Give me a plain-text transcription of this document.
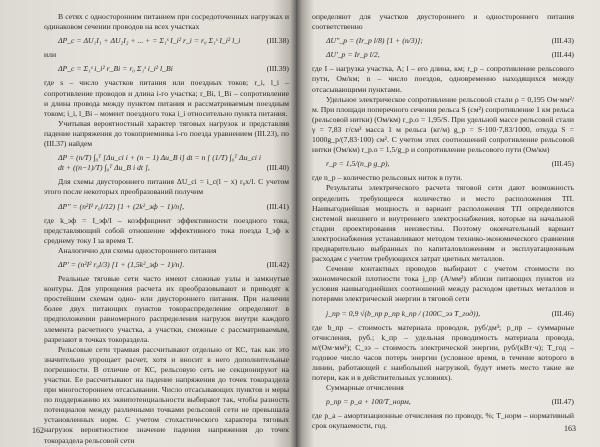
В сетях с односторонним питанием при сосредоточенных нагрузках и одинаковом сечении проводов на всех участках

ΔP_c = ΔU₁I₁ + ΔU₂I₂ + ... + = Σ₁ˢ I_i² r_i = r₀ Σ₁ˢ I_i² l_i	(III.38)

или

ΔP_c = Σ₁ˢ i_i² r_Bi = r₀ Σ₁ˢ i_i² l_Bi	(III.39)

где s – число участков питания или поездных токов; r_i, l_i – сопротивление проводов и длина i-го участка; r_Bi, l_Bi – сопротивление и длина провода между пунктом питания и рассматриваемым поездным током; i_i, l_Bi – момент поездного тока i_i относительно пункта питания.

Учитывая вероятностный характер тяговых нагрузок и представляя падение напряжения до токоприемника i-го поезда уравнением (III.23), по (III.37) найдем

ΔP = (n/T) ∫₀ᵀ [Δu_ci i + (n − 1) Δu_B i] dt = n [ (1/T) ∫₀ᵀ Δu_ci i dt + ((n−1)/T) ∫₀ᵀ Δu_B i dt ],	(III.40)

Для схемы двустороннего питания ΔU_ci = i_c(l − x) r₀x/l. С учетом этого после некоторых преобразований получим

ΔP'' = (n²I² r₀l/12) [1 + (2k²_эф − 1)/n],	(III.41)

где k_эф = I_эф/I – коэффициент эффективности поездного тока, представляющий собой отношение эффективного тока поезда I_эф к среднему току I за время T.

Аналогично для схемы одностороннего питания

ΔP' = (n²I² r₀l/3) [1 + (1,5k²_эф − 1)/n].	(III.42)

Реальные тяговые сети часто имеют сложные узлы и замкнутые контуры. Для упрощения расчета их преобразовывают и приводят к простейшим схемам одно- или двустороннего питания. При наличии более двух питающих пунктов токораспределение определяют в предположении равномерного распределения нагрузок внутри каждого элемента расчетного участка, а участки, смежные с рассматриваемым, разрезают в точках токораздела.

Рельсовые сети трамвая рассчитывают отдельно от КС, так как это значительно упрощает расчет, хотя и вносит в него дополнительные погрешности. В отличие от КС, рельсовую сеть не секционируют на участки. Ее рассчитывают на падение напряжения до точек токораздела при многостороннем отсасывании. Число отсасывающих пунктов и меры по поддержанию их эквипотенциальности выбирают так, чтобы разность потенциалов между различными точками рельсовой сети не превышала установленных норм. С учетом стохастического характера тяговых нагрузок вероятностное значение падения напряжения до точек токораздела рельсовой сети

162

определяют для участков двустороннего и одностороннего питания соответственно

ΔU''_p = (Ir_p l/8) [1 + (n/3)];	(III.43)
ΔU'_p = Ir_p l/2,	(III.44)

где I – нагрузка участка, А; l – его длина, км; r_p – сопротивление рельсового пути, Ом/км; n – число поездов, одновременно находящихся между отсасывающими пунктами.

Удельное электрическое сопротивление рельсовой стали ρ = 0,195 Ом·мм²/м. При площади поперечного сечения рельса S (см²) сопротивление 1 км рельса (рельсовой нитки) (Ом/км) r_p.o = 1,95/S. При удельной массе рельсовой стали γ = 7,83 г/см³ масса 1 м рельса (кг/м) g_p = S·100·7,83/1000, откуда S = 1000g_p/(7,83·100) см². С учетом этих соотношений сопротивление рельсовой нитки (Ом/км) r_p.o = 1,5/g_p и сопротивление рельсового пути (Ом/км)

r_p = 1,5/(n_p g_p),	(III.45)

где n_p – количество рельсовых ниток в пути.

Результаты электрического расчета тяговой сети дают возможность определить требующееся количество и место расположения ТП. Наивыгоднейшая мощность и вариант расположения ТП определяются системой внешнего и внутреннего электроснабжения, которые на начальной стадии проектирования неизвестны. Поэтому окончательный вариант электроснабжения устанавливают методом технико-экономического сравнения предварительно выбранных по капиталовложениям и эксплуатационным расходам с учетом требующихся затрат цветных металлов.

Сечение контактных проводов выбирают с учетом стоимости по экономической плотности тока j_пр (А/мм²) вблизи питающих пунктов из условия наивыгоднейших соотношений между расходом цветных металлов и потерями электрической энергии в тяговой сети

j_пр = 0,9 √(b_пр p_пр k_пр / (100C_ээ T_год)),	(III.46)

где b_пр – стоимость материала проводов, руб/дм³; p_пр – суммарные отчисления, руб.; k_пр – удельная проводимость материала провода, м/(Ом·мм²); C_ээ – стоимость электрической энергии, руб/(кВт·ч); T_год – годовое число часов потерь энергии (условное время, в течение которого в линии, работающей с наибольшей нагрузкой, будут иметь место такие же потери, как и в действительных условиях).

Суммарные отчисления

p_пр = p_a + 100/T_норм,	(III.47)

где p_a – амортизационные отчисления по проводу, %; T_норм – нормативный срок окупаемости, год.	163
